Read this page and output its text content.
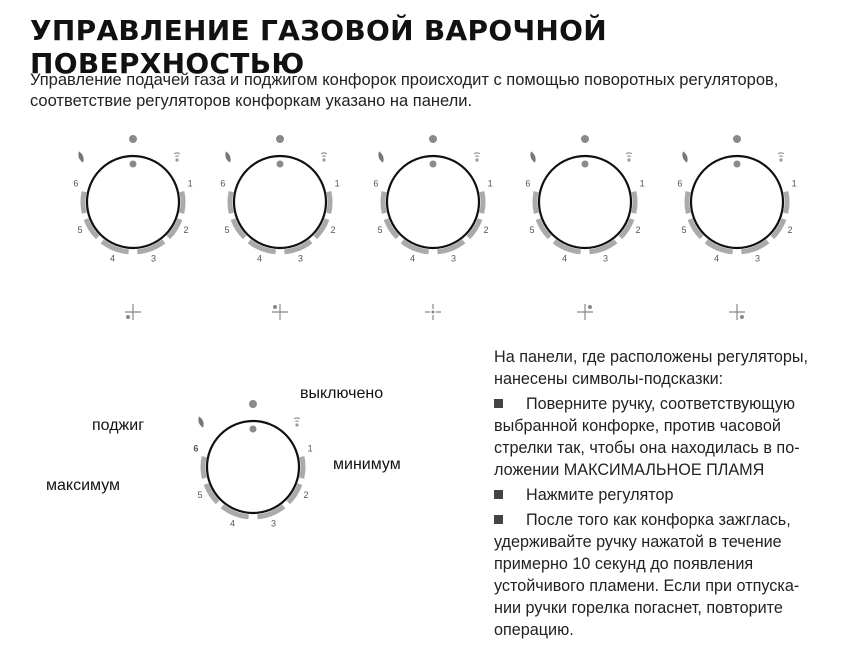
УПРАВЛЕНИЕ ГАЗОВОЙ ВАРОЧНОЙ ПОВЕРХНОСТЬЮ

Управление подачей газа и поджигом конфорок происходит с помощью поворотных регуляторов,

соответствие регуляторов конфоркам указано на панели.

1
2
3
4
5
6	1
2
3
4
5
6	1
2
3
4
5
6	1
2
3
4
5
6	1
2
3
4
5
6
1
2
3
4
5
6
выключено
поджиг
минимум
максимум

На панели, где расположены регуляторы,

нанесены символы-подсказки:

Поверните ручку, соответствующую

выбранной конфорке, против часовой

стрелки так, чтобы она находилась в по-

ложении МАКСИМАЛЬНОЕ ПЛАМЯ

Нажмите регулятор

После того как конфорка зажглась,

удерживайте ручку нажатой в течение

примерно 10 секунд до появления

устойчивого пламени. Если при отпуска-

нии ручки горелка погаснет, повторите

операцию.
